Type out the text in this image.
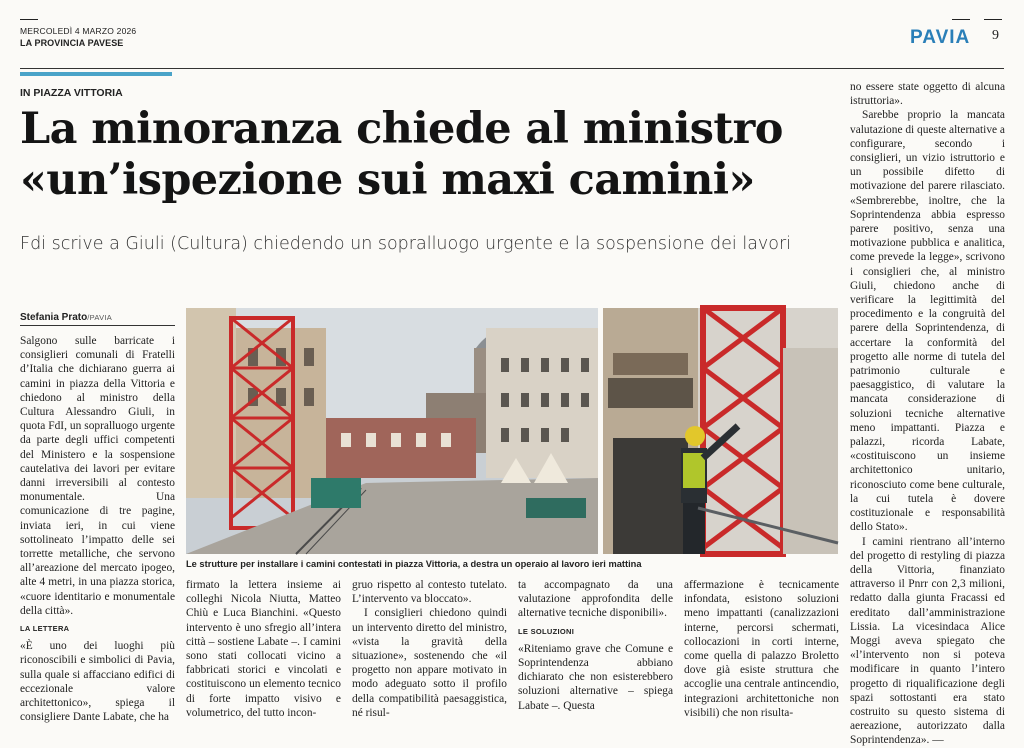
MERCOLEDÌ 4 MARZO 2026
LA PROVINCIA PAVESE	PAVIA 9
IN PIAZZA VITTORIA
La minoranza chiede al ministro
«un’ispezione sui maxi camini»
Fdi scrive a Giuli (Cultura) chiedendo un sopralluogo urgente e la sospensione dei lavori
Stefania Prato/PAVIA
Le strutture per installare i camini contestati in piazza Vittoria, a destra un operaio al lavoro ieri mattina

Salgono sulle barricate i consiglieri comunali di Fratelli d’Italia che dichiarano guerra ai camini in piazza della Vittoria e chiedono al ministro della Cultura Alessandro Giuli, in quota FdI, un sopralluogo urgente da parte degli uffici competenti del Ministero e la sospensione cautelativa dei lavori per evitare danni irreversibili al contesto monumentale. Una comunicazione di tre pagine, inviata ieri, in cui viene sottolineato l’impatto delle sei torrette metalliche, che servono all’areazione del mercato ipogeo, alte 4 metri, in una piazza storica, «cuore identitario e monumentale della città».

LA LETTERA

«È uno dei luoghi più riconoscibili e simbolici di Pavia, sulla quale si affacciano edifici di eccezionale valore architettonico», spiega il consigliere Dante Labate, che ha

firmato la lettera insieme ai colleghi Nicola Niutta, Matteo Chiù e Luca Bianchini. «Questo intervento è uno sfregio all’intera città – sostiene Labate –. I camini sono stati collocati vicino a fabbricati storici e vincolati e costituiscono un elemento tecnico di forte impatto visivo e volumetrico, del tutto incon-

gruo rispetto al contesto tutelato. L’intervento va bloccato».

I consiglieri chiedono quindi un intervento diretto del ministro, «vista la gravità della situazione», sostenendo che «il progetto non appare motivato in modo adeguato sotto il profilo della compatibilità paesaggistica, né risul-

ta accompagnato da una valutazione approfondita delle alternative tecniche disponibili».

LE SOLUZIONI

«Riteniamo grave che Comune e Soprintendenza abbiano dichiarato che non esisterebbero soluzioni alternative – spiega Labate –. Questa

affermazione è tecnicamente infondata, esistono soluzioni meno impattanti (canalizzazioni interne, percorsi schermati, collocazioni in corti interne, come quella di palazzo Broletto dove già esiste struttura che accoglie una centrale antincendio, integrazioni architettoniche non visibili) che non risulta-

no essere state oggetto di alcuna istruttoria».

Sarebbe proprio la mancata valutazione di queste alternative a configurare, secondo i consiglieri, un vizio istruttorio e un possibile difetto di motivazione del parere rilasciato. «Sembrerebbe, inoltre, che la Soprintendenza abbia espresso parere positivo, senza una motivazione pubblica e analitica, come prevede la legge», scrivono i consiglieri che, al ministro Giuli, chiedono anche di verificare la legittimità del procedimento e la congruità del parere della Soprintendenza, di accertare la conformità del progetto alle norme di tutela del patrimonio culturale e paesaggistico, di valutare la mancata considerazione di soluzioni tecniche alternative meno impattanti. Piazza e palazzi, ricorda Labate, «costituiscono un insieme architettonico unitario, riconosciuto come bene culturale, la cui tutela è dovere costituzionale e responsabilità dello Stato».

I camini rientrano all’interno del progetto di restyling di piazza della Vittoria, finanziato attraverso il Pnrr con 2,3 milioni, redatto dalla giunta Fracassi ed ereditato dall’amministrazione Lissia. La vicesindaca Alice Moggi aveva spiegato che «l’intervento non si poteva modificare in quanto l’intero progetto di riqualificazione degli spazi sottostanti era stato costruito su questo sistema di aereazione, autorizzato dalla Soprintendenza». —
